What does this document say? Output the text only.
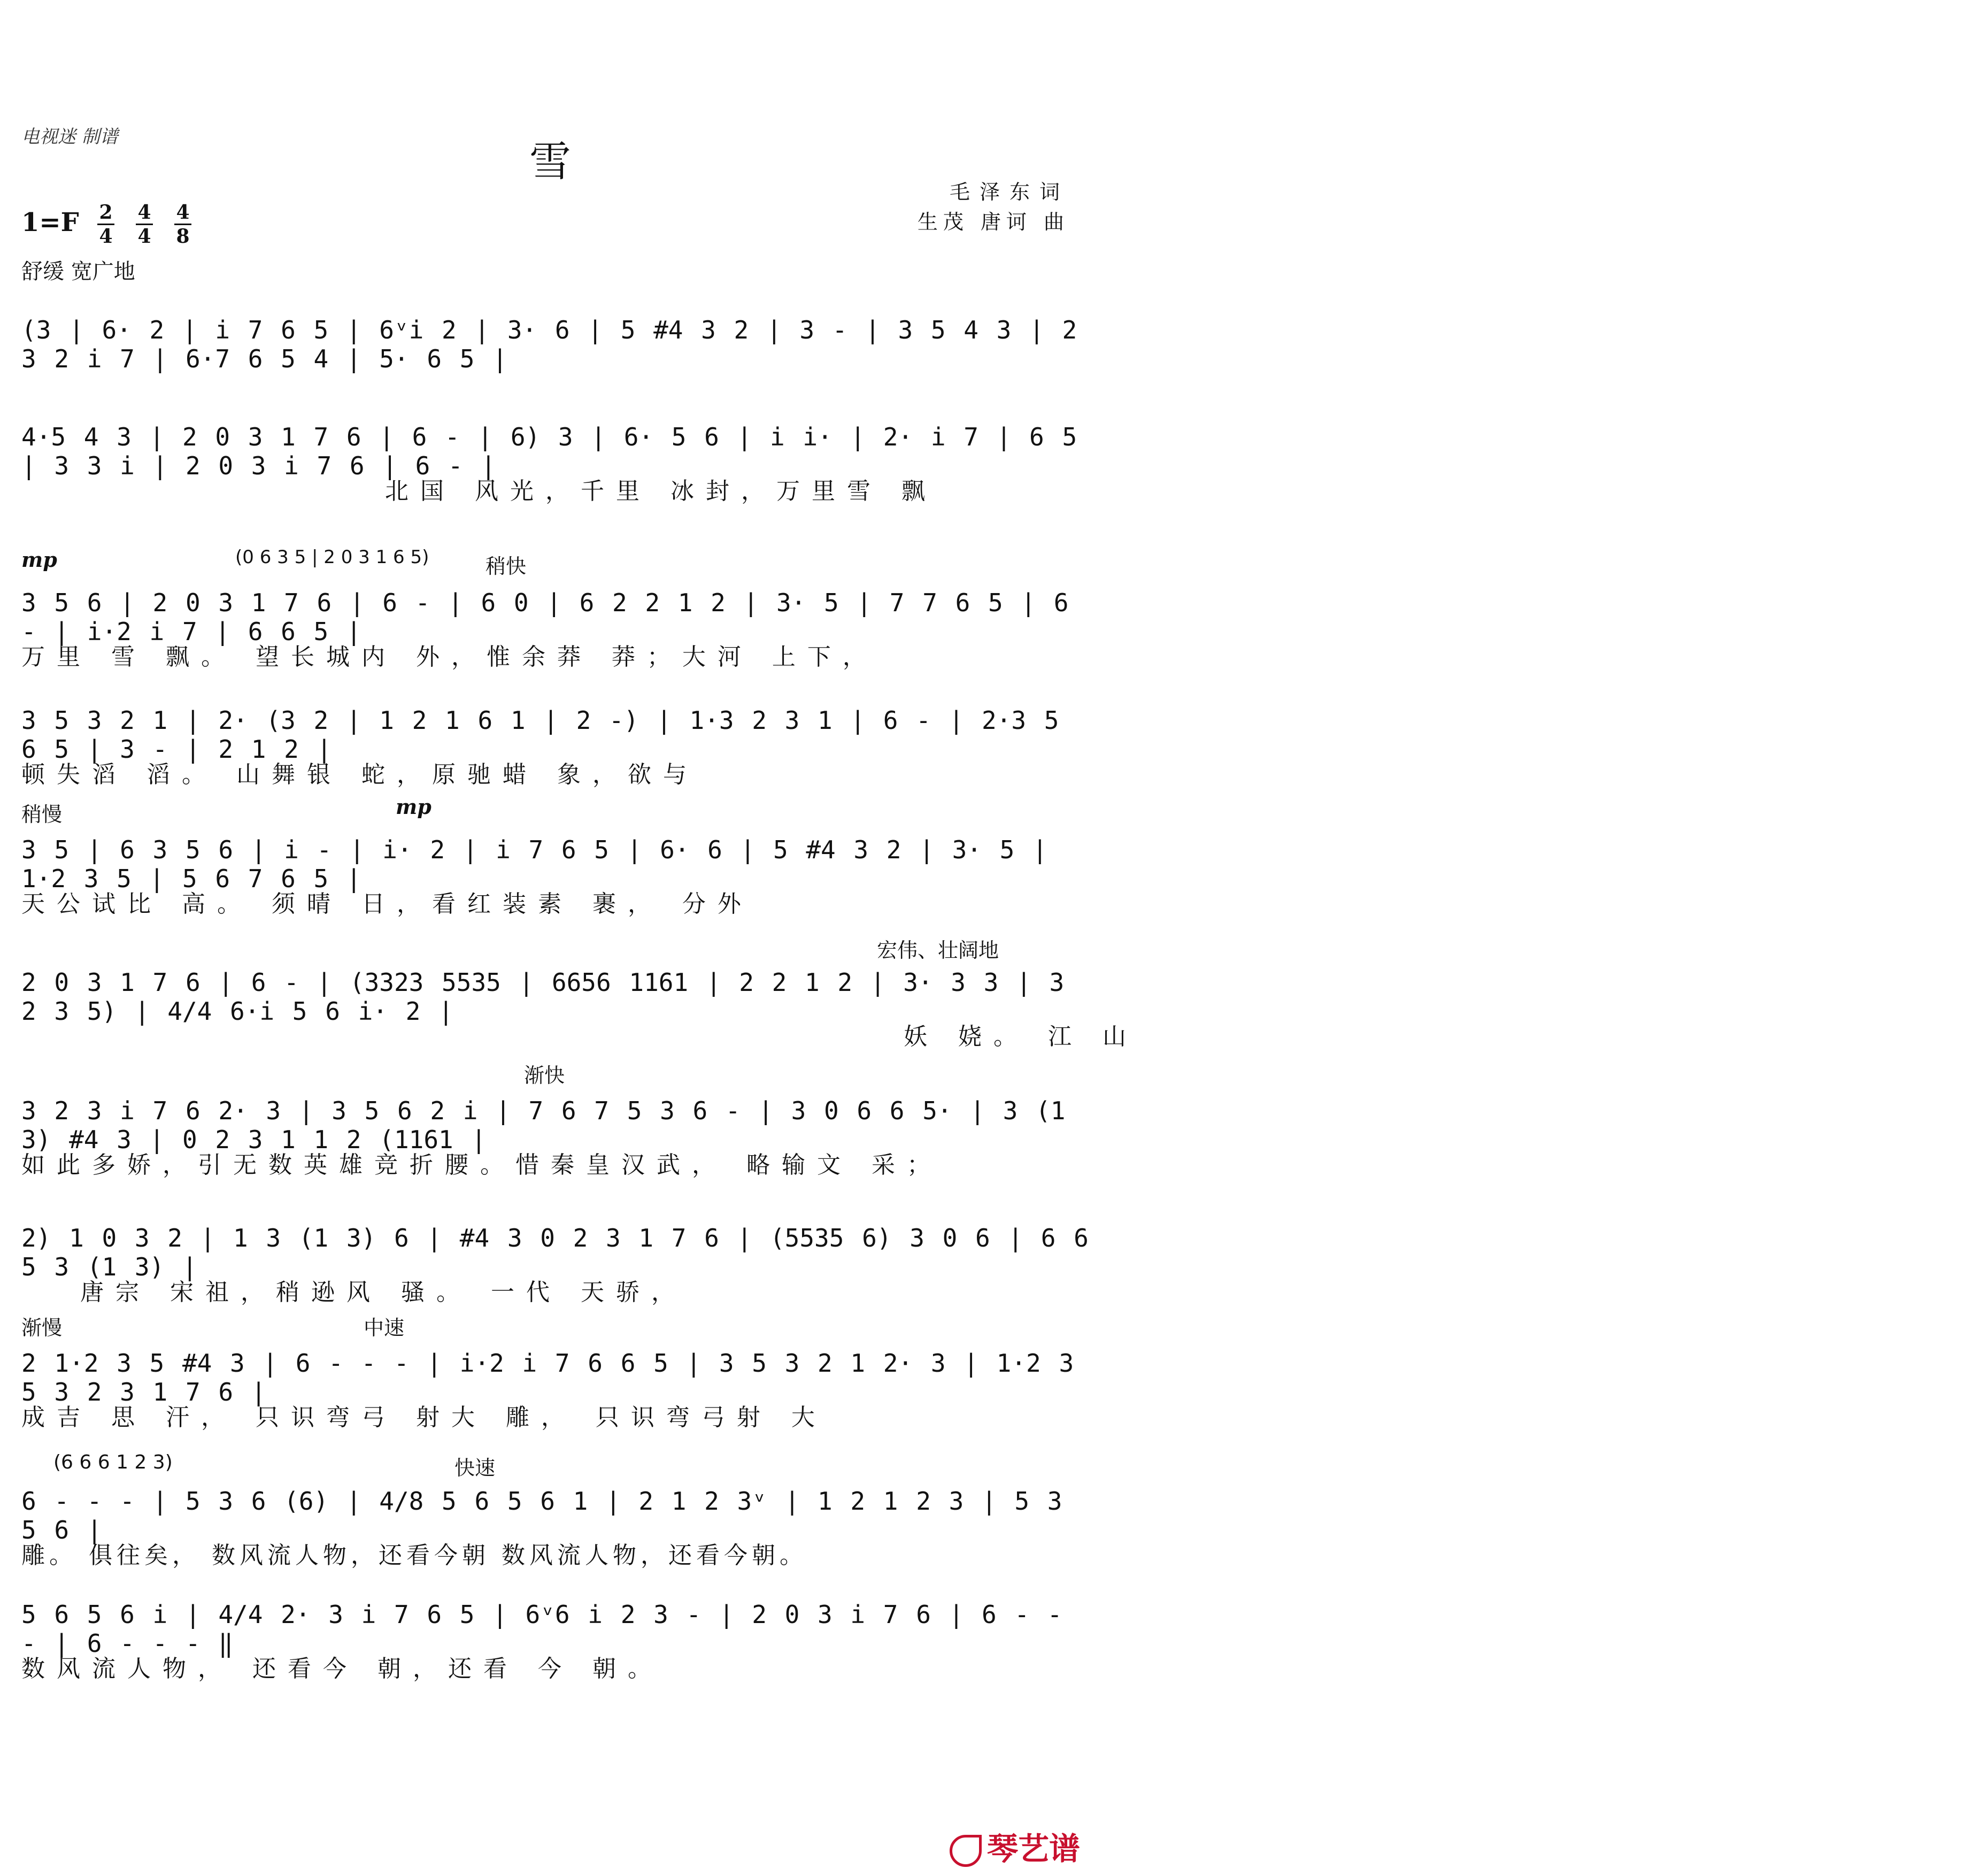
电视迷 制谱
雪
毛泽东词
生茂 唐诃 曲
1=F 2
4
4
4
4
8
舒缓 宽广地
(3 | 6· 2 | i 7 6 5 | 6ᵛi 2 | 3· 6 | 5 #4 3 2 | 3 - | 3 5 4 3 | 2 3 2 i 7 | 6·7 6 5 4 | 5· 6 5 |
4·5 4 3 | 2 0 3 1 7 6 | 6 - | 6) 3 | 6· 5 6 | i i· | 2· i 7 | 6 5 | 3 3 i | 2 0 3 i 7 6 | 6 - |
北国 风光，千里 冰封，万里雪 飘
mp	(0 6 3 5 | 2 0 3 1 6 5)	稍快
3 5 6 | 2 0 3 1 7 6 | 6 - | 6 0 | 6 2 2 1 2 | 3· 5 | 7 7 6 5 | 6 - | i·2 i 7 | 6 6 5 |
万里 雪 飘。 望长城内 外，惟余莽 莽；大河 上下，
3 5 3 2 1 | 2· (3 2 | 1 2 1 6 1 | 2 -) | 1·3 2 3 1 | 6 - | 2·3 5 6 5 | 3 - | 2 1 2 |
顿失滔 滔。 山舞银 蛇，原驰蜡 象，欲与
稍慢	mp
3 5 | 6 3 5 6 | i - | i· 2 | i 7 6 5 | 6· 6 | 5 #4 3 2 | 3· 5 | 1·2 3 5 | 5 6 7 6 5 |
天公试比 高。 须晴 日，看红装素 裹， 分外
宏伟、壮阔地
2 0 3 1 7 6 | 6 - | (3323 5535 | 6656 1161 | 2 2 1 2 | 3· 3 3 | 3 2 3 5) | 4/4 6·i 5 6 i· 2 |
妖 娆。 江 山
渐快
3 2 3 i 7 6 2· 3 | 3 5 6 2 i | 7 6 7 5 3 6 - | 3 0 6 6 5· | 3 (1 3) #4 3 | 0 2 3 1 1 2 (1161 |
如此多娇，引无数英雄竞折腰。惜秦皇汉武， 略输文 采；
2) 1 0 3 2 | 1 3 (1 3) 6 | #4 3 0 2 3 1 7 6 | (5535 6) 3 0 6 | 6 6 5 3 (1 3) |
唐宗 宋祖，稍逊风 骚。 一代 天骄，
渐慢	中速
2 1·2 3 5 #4 3 | 6 - - - | i·2 i 7 6 6 5 | 3 5 3 2 1 2· 3 | 1·2 3 5 3 2 3 1 7 6 |
成吉 思 汗， 只识弯弓 射大 雕， 只识弯弓射 大
(6 6 6 1 2 3)	快速
6 - - - | 5 3 6 (6) | 4/8 5 6 5 6 1 | 2 1 2 3ᵛ | 1 2 1 2 3 | 5 3 5 6 |
雕。 俱往矣， 数风流人物，还看今朝 数风流人物，还看今朝。
5 6 5 6 i | 4/4 2· 3 i 7 6 5 | 6ᵛ6 i 2 3 - | 2 0 3 i 7 6 | 6 - - - | 6 - - - ‖
数风流人物， 还看今 朝，还看 今 朝。
琴艺谱
